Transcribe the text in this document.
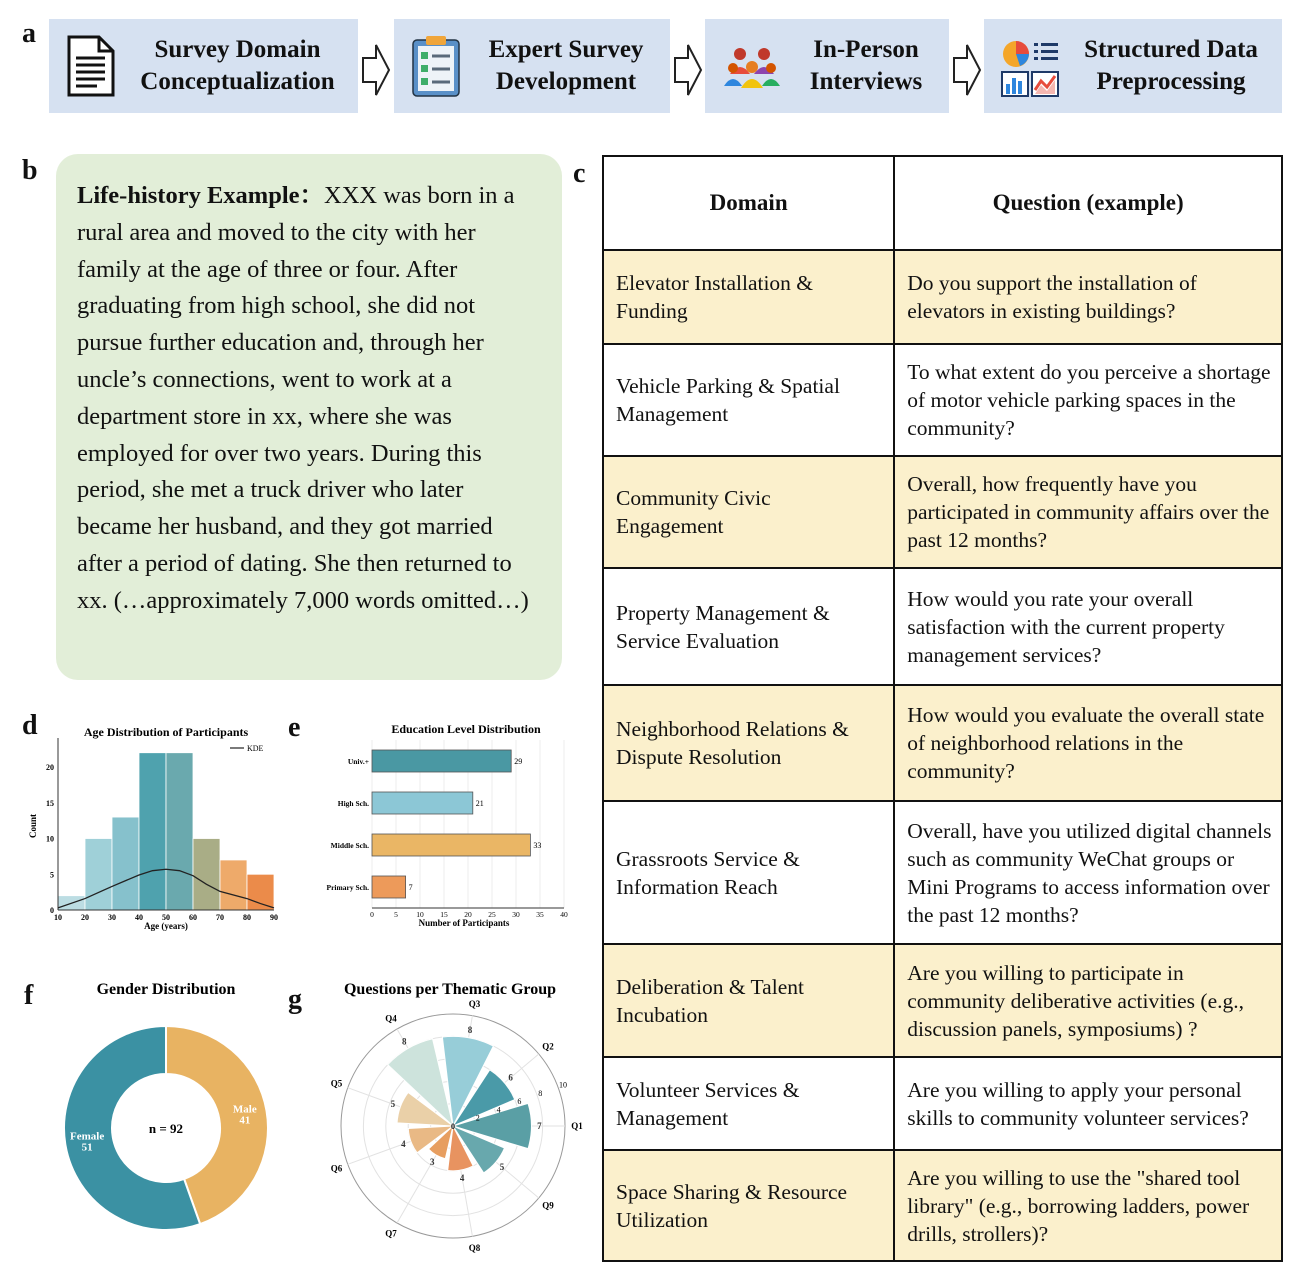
a
b	c
d	e
f	g
Survey Domain
Conceptualization
Expert Survey
Development
In-Person
Interviews
Structured Data
Preprocessing
Life-history Example：XXX was born in a rural area and moved to the city with her family at the age of three or four. After graduating from high school, she did not pursue further education and, through her uncle’s connections, went to work at a department store in xx, where she was employed for over two years. During this period, she met a truck driver who later became her husband, and they got married after a period of dating. She then returned to xx. (…approximately 7,000 words omitted…)
Domain	Question (example)
Elevator Installation & Funding	Do you support the installation of elevators in existing buildings?
Vehicle Parking & Spatial Management	To what extent do you perceive a shortage of motor vehicle parking spaces in the community?
Community Civic Engagement	Overall, how frequently have you participated in community affairs over the past 12 months?
Property Management & Service Evaluation	How would you rate your overall satisfaction with the current property management services?
Neighborhood Relations & Dispute Resolution	How would you evaluate the overall state of neighborhood relations in the community?
Grassroots Service & Information Reach	Overall, have you utilized digital channels such as community WeChat groups or Mini Programs to access information over the past 12 months?
Deliberation & Talent Incubation	Are you willing to participate in community deliberative activities (e.g., discussion panels, symposiums) ?
Volunteer Services & Management	Are you willing to apply your personal skills to community volunteer services?
Space Sharing & Resource Utilization	Are you willing to use the "shared tool library" (e.g., borrowing ladders, power drills, strollers)?
Age Distribution of Participants
10 20 30 40 50 60 70 80 90
0
5
10
15
20
KDE
Age (years)
Count
Education Level Distribution
29
Univ.+
21
High Sch.
33
Middle Sch.
7
Primary Sch.
0	5 10 15 20 25 30 35 40
Number of Participants
Gender Distribution
Male
41
Female
51
n = 92
Questions per Thematic Group
7
6
8
8
5
4
3
4
5
Q1
Q2
Q3
Q4
Q5
Q6
Q7
Q8
Q9
2
4
6
8
10
0
